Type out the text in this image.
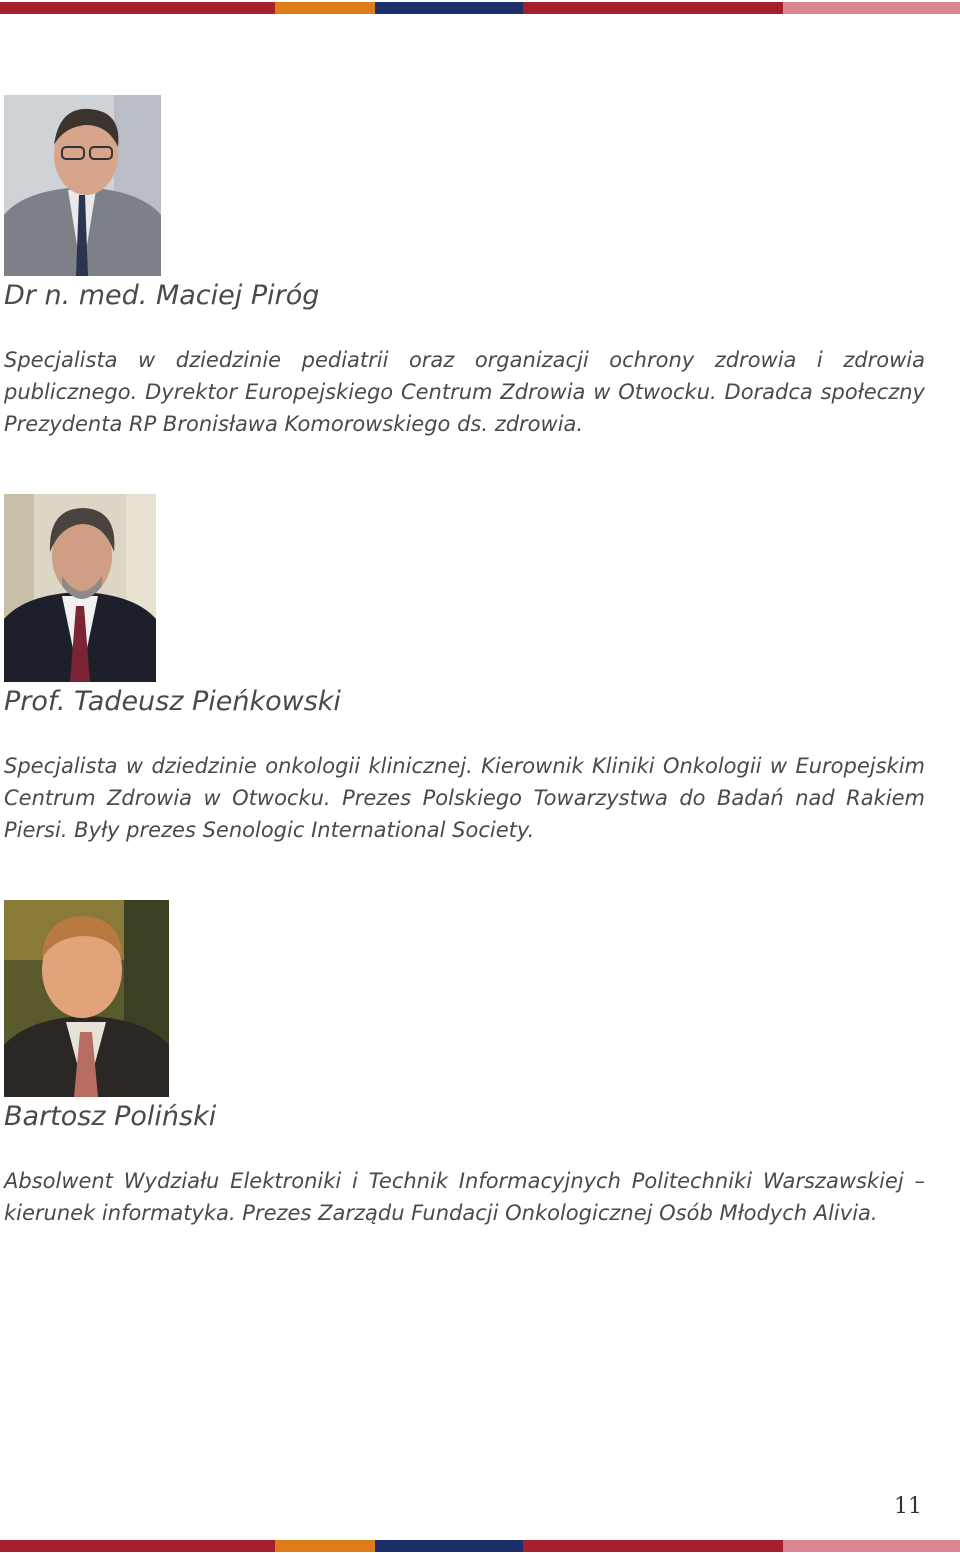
Dr n. med. Maciej Piróg

Specjalista w dziedzinie pediatrii oraz organizacji ochrony zdrowia i zdrowia publicznego. Dyrektor Europejskiego Centrum Zdrowia w Otwocku. Doradca społeczny Prezydenta RP Bronisława Komorowskiego ds. zdrowia.

Prof. Tadeusz Pieńkowski

Specjalista w dziedzinie onkologii klinicznej. Kierownik Kliniki Onkologii w Europejskim Centrum Zdrowia w Otwocku. Prezes Polskiego Towarzystwa do Badań nad Rakiem Piersi. Były prezes Senologic International Society.

Bartosz Poliński

Absolwent Wydziału Elektroniki i Technik Informacyjnych Politechniki Warszawskiej – kierunek informatyka. Prezes Zarządu Fundacji Onkologicznej Osób Młodych Alivia.

11
